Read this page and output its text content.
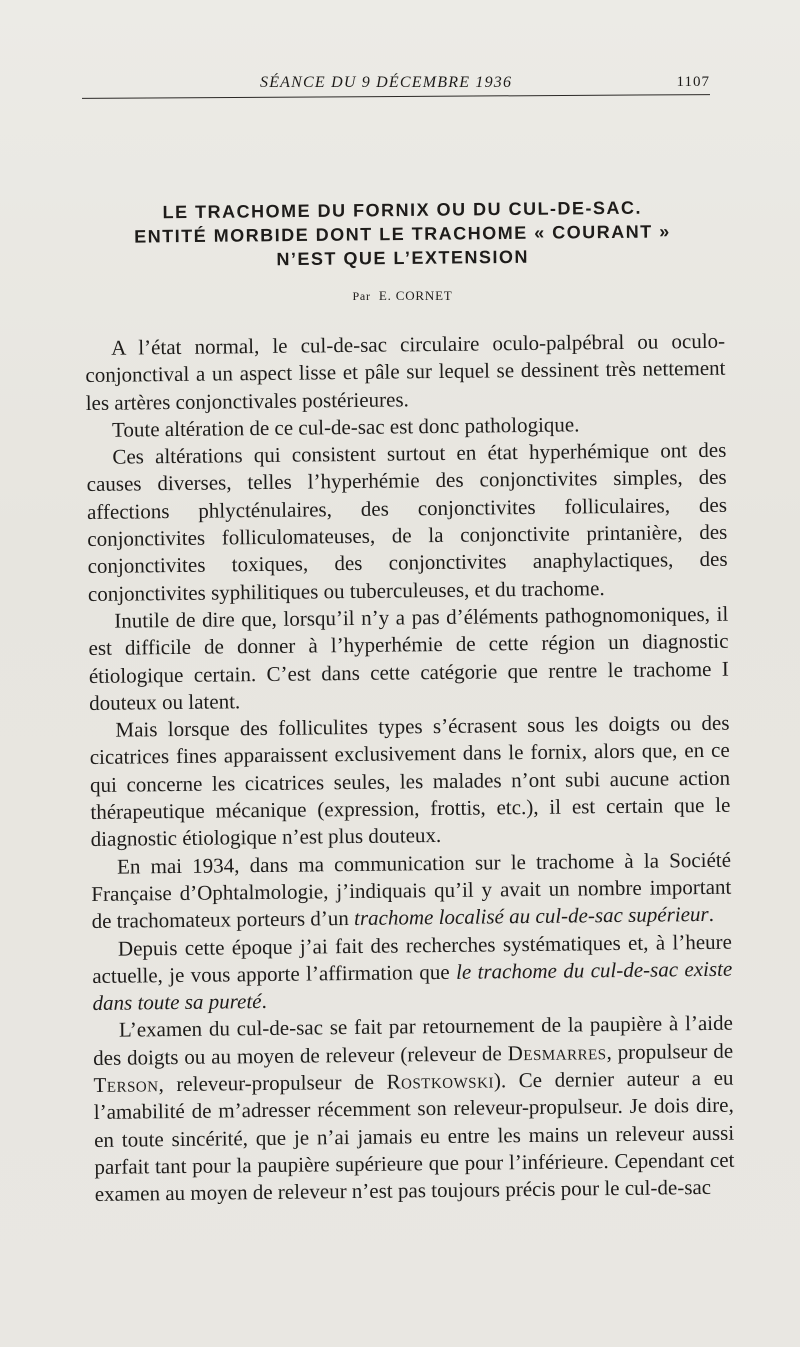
SÉANCE DU 9 DÉCEMBRE 1936	1107
LE TRACHOME DU FORNIX OU DU CUL-DE-SAC.
ENTITÉ MORBIDE DONT LE TRACHOME « COURANT »
N’EST QUE L’EXTENSION
Par E. CORNET

A l’état normal, le cul-de-sac circulaire oculo-palpébral ou oculo-conjonctival a un aspect lisse et pâle sur lequel se dessinent très nettement les artères conjonctivales postérieures.

Toute altération de ce cul-de-sac est donc pathologique.

Ces altérations qui consistent surtout en état hyperhémique ont des causes diverses, telles l’hyperhémie des conjonctivites simples, des affections phlycténulaires, des conjonctivites folliculaires, des conjonctivites folliculomateuses, de la conjonctivite printanière, des conjonctivites toxiques, des conjonctivites anaphylactiques, des conjonctivites syphilitiques ou tuberculeuses, et du trachome.

Inutile de dire que, lorsqu’il n’y a pas d’éléments pathognomoniques, il est difficile de donner à l’hyperhémie de cette région un diagnostic étiologique certain. C’est dans cette catégorie que rentre le trachome I douteux ou latent.

Mais lorsque des folliculites types s’écrasent sous les doigts ou des cicatrices fines apparaissent exclusivement dans le fornix, alors que, en ce qui concerne les cicatrices seules, les malades n’ont subi aucune action thérapeutique mécanique (expression, frottis, etc.), il est certain que le diagnostic étiologique n’est plus douteux.

En mai 1934, dans ma communication sur le trachome à la Société Française d’Ophtalmologie, j’indiquais qu’il y avait un nombre important de trachomateux porteurs d’un trachome localisé au cul-de-sac supérieur.

Depuis cette époque j’ai fait des recherches systématiques et, à l’heure actuelle, je vous apporte l’affirmation que le trachome du cul-de-sac existe dans toute sa pureté.

L’examen du cul-de-sac se fait par retournement de la paupière à l’aide des doigts ou au moyen de releveur (releveur de Desmarres, propulseur de Terson, releveur-propulseur de Rostkowski). Ce dernier auteur a eu l’amabilité de m’adresser récemment son releveur-propulseur. Je dois dire, en toute sincérité, que je n’ai jamais eu entre les mains un releveur aussi parfait tant pour la paupière supérieure que pour l’inférieure. Cependant cet examen au moyen de releveur n’est pas toujours précis pour le cul-de-sac
